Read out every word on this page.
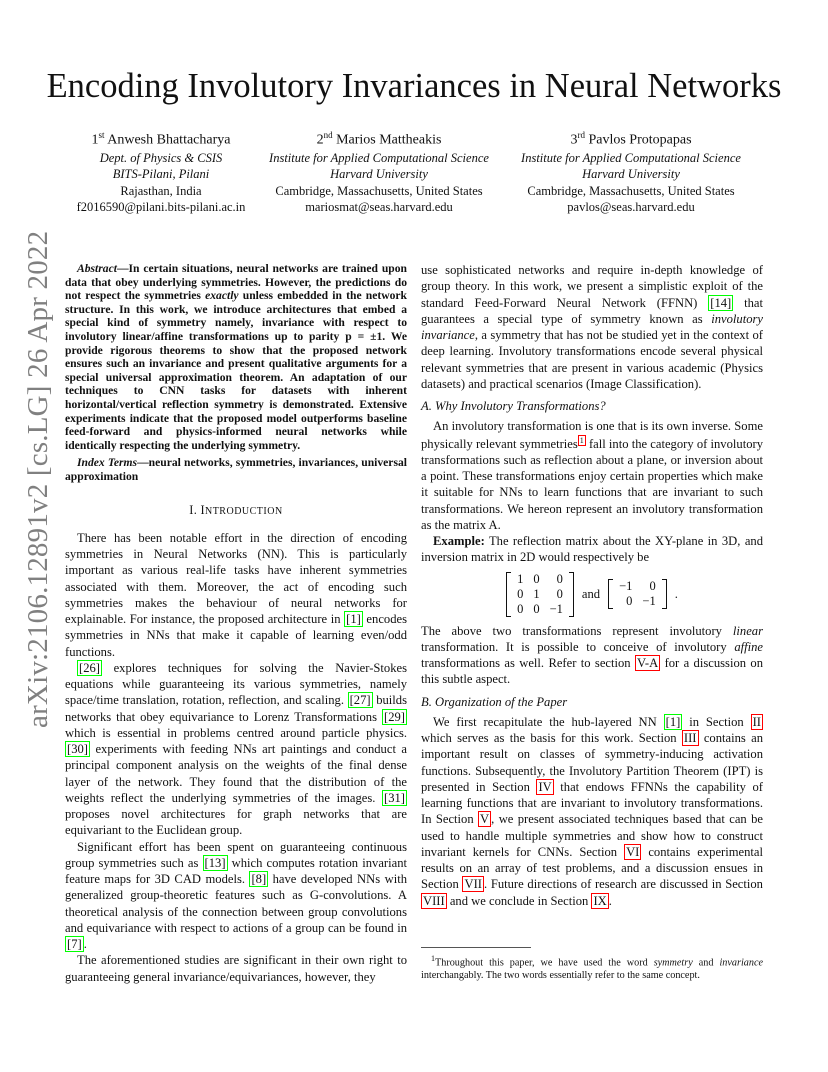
arXiv:2106.12891v2 [cs.LG] 26 Apr 2022
Encoding Involutory Invariances in Neural Networks
1st Anwesh Bhattacharya
Dept. of Physics & CSIS
BITS-Pilani, Pilani
Rajasthan, India
f2016590@pilani.bits-pilani.ac.in
2nd Marios Mattheakis
Institute for Applied Computational Science
Harvard University
Cambridge, Massachusetts, United States
mariosmat@seas.harvard.edu
3rd Pavlos Protopapas
Institute for Applied Computational Science
Harvard University
Cambridge, Massachusetts, United States
pavlos@seas.harvard.edu

Abstract—In certain situations, neural networks are trained upon data that obey underlying symmetries. However, the predictions do not respect the symmetries exactly unless embedded in the network structure. In this work, we introduce architectures that embed a special kind of symmetry namely, invariance with respect to involutory linear/affine transformations up to parity p = ±1. We provide rigorous theorems to show that the proposed network ensures such an invariance and present qualitative arguments for a special universal approximation theorem. An adaptation of our techniques to CNN tasks for datasets with inherent horizontal/vertical reflection symmetry is demonstrated. Extensive experiments indicate that the proposed model outperforms baseline feed-forward and physics-informed neural networks while identically respecting the underlying symmetry.

Index Terms—neural networks, symmetries, invariances, universal approximation

I. INTRODUCTION

There has been notable effort in the direction of encoding symmetries in Neural Networks (NN). This is particularly important as various real-life tasks have inherent symmetries associated with them. Moreover, the act of encoding such symmetries makes the behaviour of neural networks for explainable. For instance, the proposed architecture in [1] encodes symmetries in NNs that make it capable of learning even/odd functions.

[26] explores techniques for solving the Navier-Stokes equations while guaranteeing its various symmetries, namely space/time translation, rotation, reflection, and scaling. [27] builds networks that obey equivariance to Lorenz Transformations [29] which is essential in problems centred around particle physics. [30] experiments with feeding NNs art paintings and conduct a principal component analysis on the weights of the final dense layer of the network. They found that the distribution of the weights reflect the underlying symmetries of the images. [31] proposes novel architectures for graph networks that are equivariant to the Euclidean group.

Significant effort has been spent on guaranteeing continuous group symmetries such as [13] which computes rotation invariant feature maps for 3D CAD models. [8] have developed NNs with generalized group-theoretic features such as G-convolutions. A theoretical analysis of the connection between group convolutions and equivariance with respect to actions of a group can be found in [7] .

The aforementioned studies are significant in their own right to guaranteeing general invariance/equivariances, however, they

use sophisticated networks and require in-depth knowledge of group theory. In this work, we present a simplistic exploit of the standard Feed-Forward Neural Network (FFNN) [14] that guarantees a special type of symmetry known as involutory invariance, a symmetry that has not be studied yet in the context of deep learning. Involutory transformations encode several physical relevant symmetries that are present in various academic (Physics datasets) and practical scenarios (Image Classification).

A. Why Involutory Transformations?

An involutory transformation is one that is its own inverse. Some physically relevant symmetries $^1$ fall into the category of involutory transformations such as reflection about a plane, or inversion about a point. These transformations enjoy certain properties which make it suitable for NNs to learn functions that are invariant to such transformations. We hereon represent an involutory transformation as the matrix A.

Example: The reflection matrix about the XY-plane in 3D, and inversion matrix in 2D would respectively be

1	0	0
0	1	0
0	0	−1
and
−1	0
0	−1
.

The above two transformations represent involutory linear transformation. It is possible to conceive of involutory affine transformations as well. Refer to section V-A for a discussion on this subtle aspect.

B. Organization of the Paper

We first recapitulate the hub-layered NN [1] in Section II which serves as the basis for this work. Section III contains an important result on classes of symmetry-inducing activation functions. Subsequently, the Involutory Partition Theorem (IPT) is presented in Section IV that endows FFNNs the capability of learning functions that are invariant to involutory transformations. In Section V , we present associated techniques based that can be used to handle multiple symmetries and show how to construct invariant kernels for CNNs. Section VI contains experimental results on an array of test problems, and a discussion ensues in Section VII . Future directions of research are discussed in Section VIII and we conclude in Section IX .

$^1$Throughout this paper, we have used the word symmetry and invariance interchangably. The two words essentially refer to the same concept.
